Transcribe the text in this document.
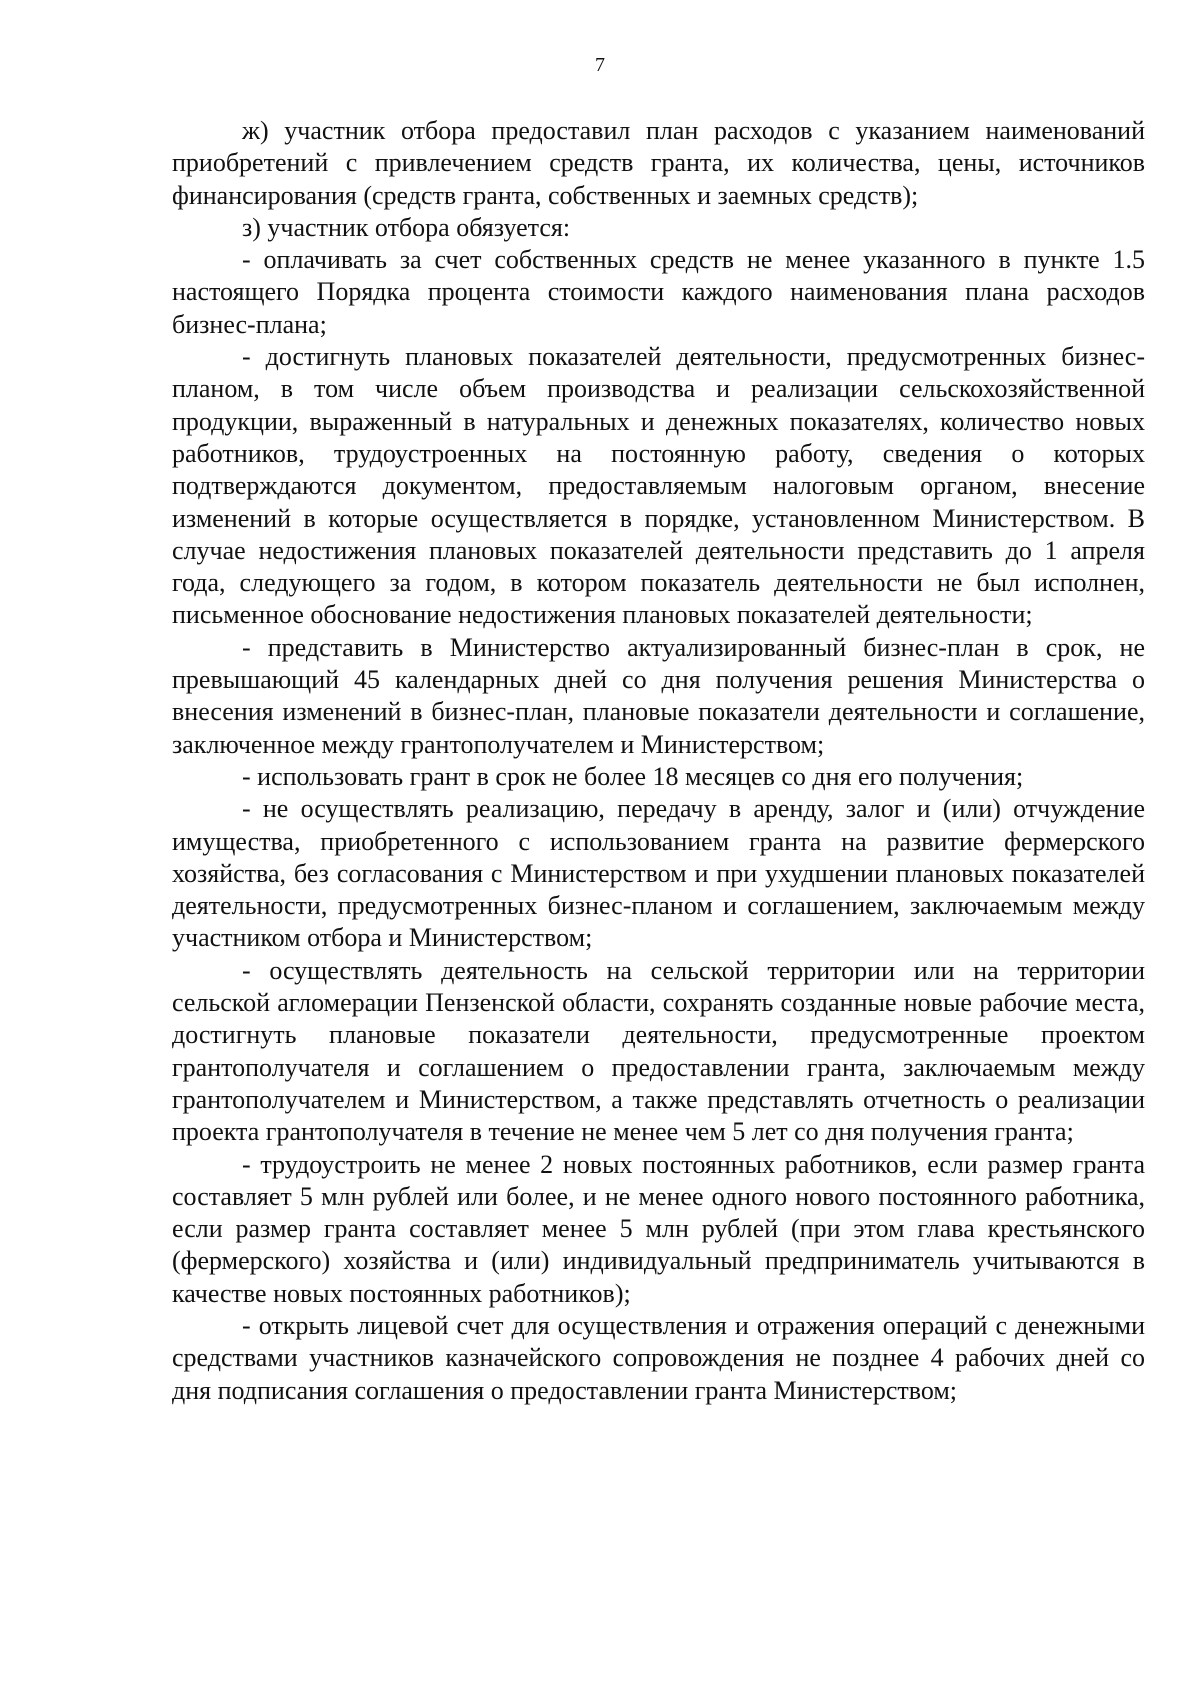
7

ж) участник отбора предоставил план расходов с указанием наименований приобретений с привлечением средств гранта, их количества, цены, источников финансирования (средств гранта, собственных и заемных средств);

з) участник отбора обязуется:

- оплачивать за счет собственных средств не менее указанного в пункте 1.5 настоящего Порядка процента стоимости каждого наименования плана расходов бизнес-плана;

- достигнуть плановых показателей деятельности, предусмотренных бизнес-планом, в том числе объем производства и реализации сельскохозяйственной продукции, выраженный в натуральных и денежных показателях, количество новых работников, трудоустроенных на постоянную работу, сведения о которых подтверждаются документом, предоставляемым налоговым органом, внесение изменений в которые осуществляется в порядке, установленном Министерством. В случае недостижения плановых показателей деятельности представить до 1 апреля года, следующего за годом, в котором показатель деятельности не был исполнен, письменное обоснование недостижения плановых показателей деятельности;

- представить в Министерство актуализированный бизнес-план в срок, не превышающий 45 календарных дней со дня получения решения Министерства о внесения изменений в бизнес-план, плановые показатели деятельности и соглашение, заключенное между грантополучателем и Министерством;

- использовать грант в срок не более 18 месяцев со дня его получения;

- не осуществлять реализацию, передачу в аренду, залог и (или) отчуждение имущества, приобретенного с использованием гранта на развитие фермерского хозяйства, без согласования с Министерством и при ухудшении плановых показателей деятельности, предусмотренных бизнес-планом и соглашением, заключаемым между участником отбора и Министерством;

- осуществлять деятельность на сельской территории или на территории сельской агломерации Пензенской области, сохранять созданные новые рабочие места, достигнуть плановые показатели деятельности, предусмотренные проектом грантополучателя и соглашением о предоставлении гранта, заключаемым между грантополучателем и Министерством, а также представлять отчетность о реализации проекта грантополучателя в течение не менее чем 5 лет со дня получения гранта;

- трудоустроить не менее 2 новых постоянных работников, если размер гранта составляет 5 млн рублей или более, и не менее одного нового постоянного работника, если размер гранта составляет менее 5 млн рублей (при этом глава крестьянского (фермерского) хозяйства и (или) индивидуальный предприниматель учитываются в качестве новых постоянных работников);

- открыть лицевой счет для осуществления и отражения операций с денежными средствами участников казначейского сопровождения не позднее 4 рабочих дней со дня подписания соглашения о предоставлении гранта Министерством;
